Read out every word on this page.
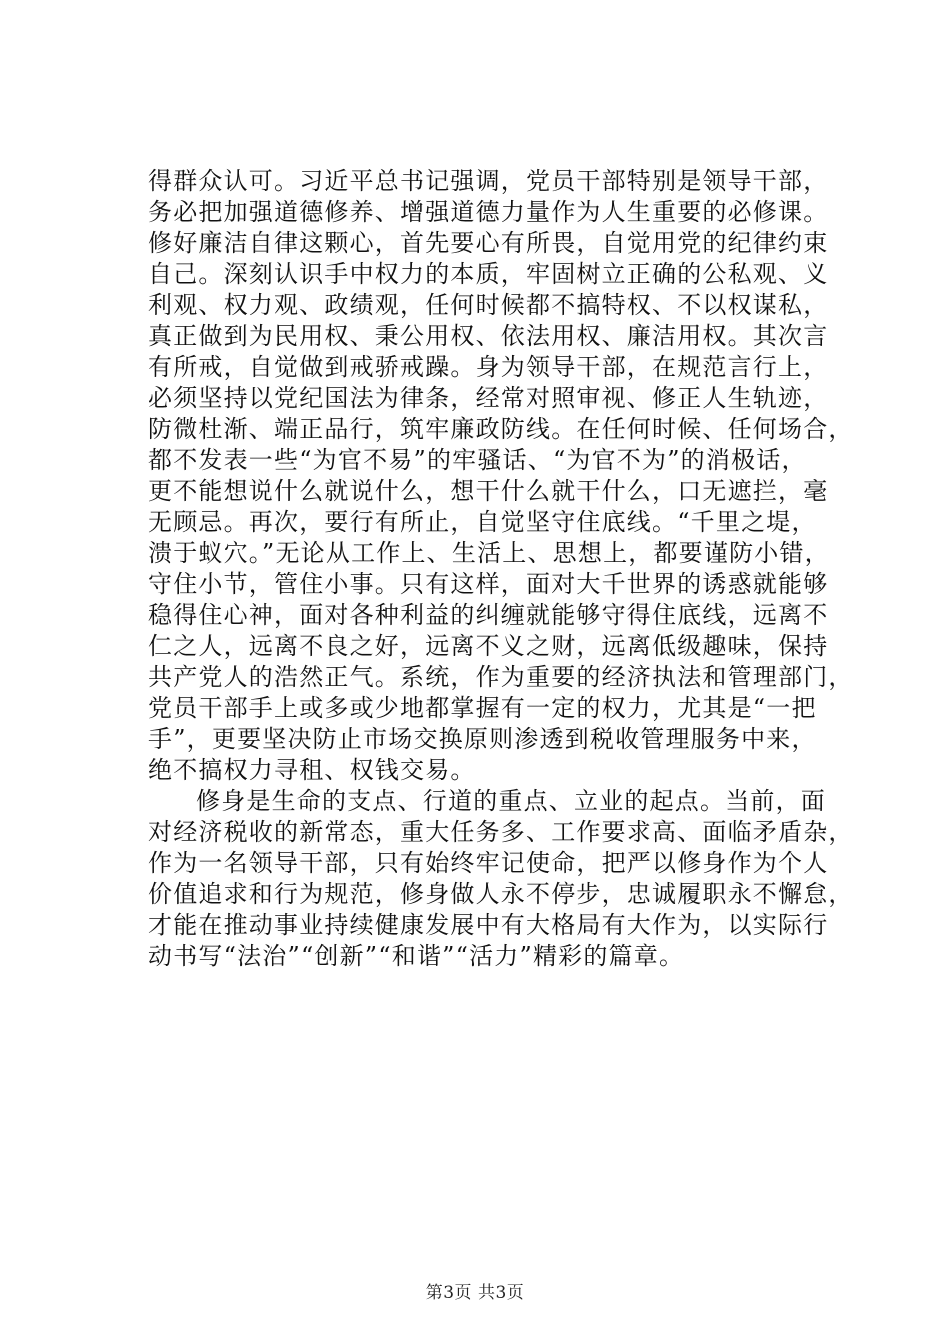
得群众认可。习近平总书记强调，党员干部特别是领导干部，
务必把加强道德修养、增强道德力量作为人生重要的必修课。
修好廉洁自律这颗心，首先要心有所畏，自觉用党的纪律约束
自己。深刻认识手中权力的本质，牢固树立正确的公私观、义
利观、权力观、政绩观，任何时候都不搞特权、不以权谋私，
真正做到为民用权、秉公用权、依法用权、廉洁用权。其次言
有所戒，自觉做到戒骄戒躁。身为领导干部，在规范言行上，
必须坚持以党纪国法为律条，经常对照审视、修正人生轨迹，
防微杜渐、端正品行，筑牢廉政防线。在任何时候、任何场合，
都不发表一些“为官不易”的牢骚话、“为官不为”的消极话，
更不能想说什么就说什么，想干什么就干什么，口无遮拦，毫
无顾忌。再次，要行有所止，自觉坚守住底线。“千里之堤，
溃于蚁穴。”无论从工作上、生活上、思想上，都要谨防小错，
守住小节，管住小事。只有这样，面对大千世界的诱惑就能够
稳得住心神，面对各种利益的纠缠就能够守得住底线，远离不
仁之人，远离不良之好，远离不义之财，远离低级趣味，保持
共产党人的浩然正气。系统，作为重要的经济执法和管理部门，
党员干部手上或多或少地都掌握有一定的权力，尤其是“一把
手”，更要坚决防止市场交换原则渗透到税收管理服务中来，
绝不搞权力寻租、权钱交易。
修身是生命的支点、行道的重点、立业的起点。当前，面
对经济税收的新常态，重大任务多、工作要求高、面临矛盾杂，
作为一名领导干部，只有始终牢记使命，把严以修身作为个人
价值追求和行为规范，修身做人永不停步，忠诚履职永不懈怠，
才能在推动事业持续健康发展中有大格局有大作为，以实际行
动书写“法治”“创新”“和谐”“活力”精彩的篇章。
第3页 共3页
